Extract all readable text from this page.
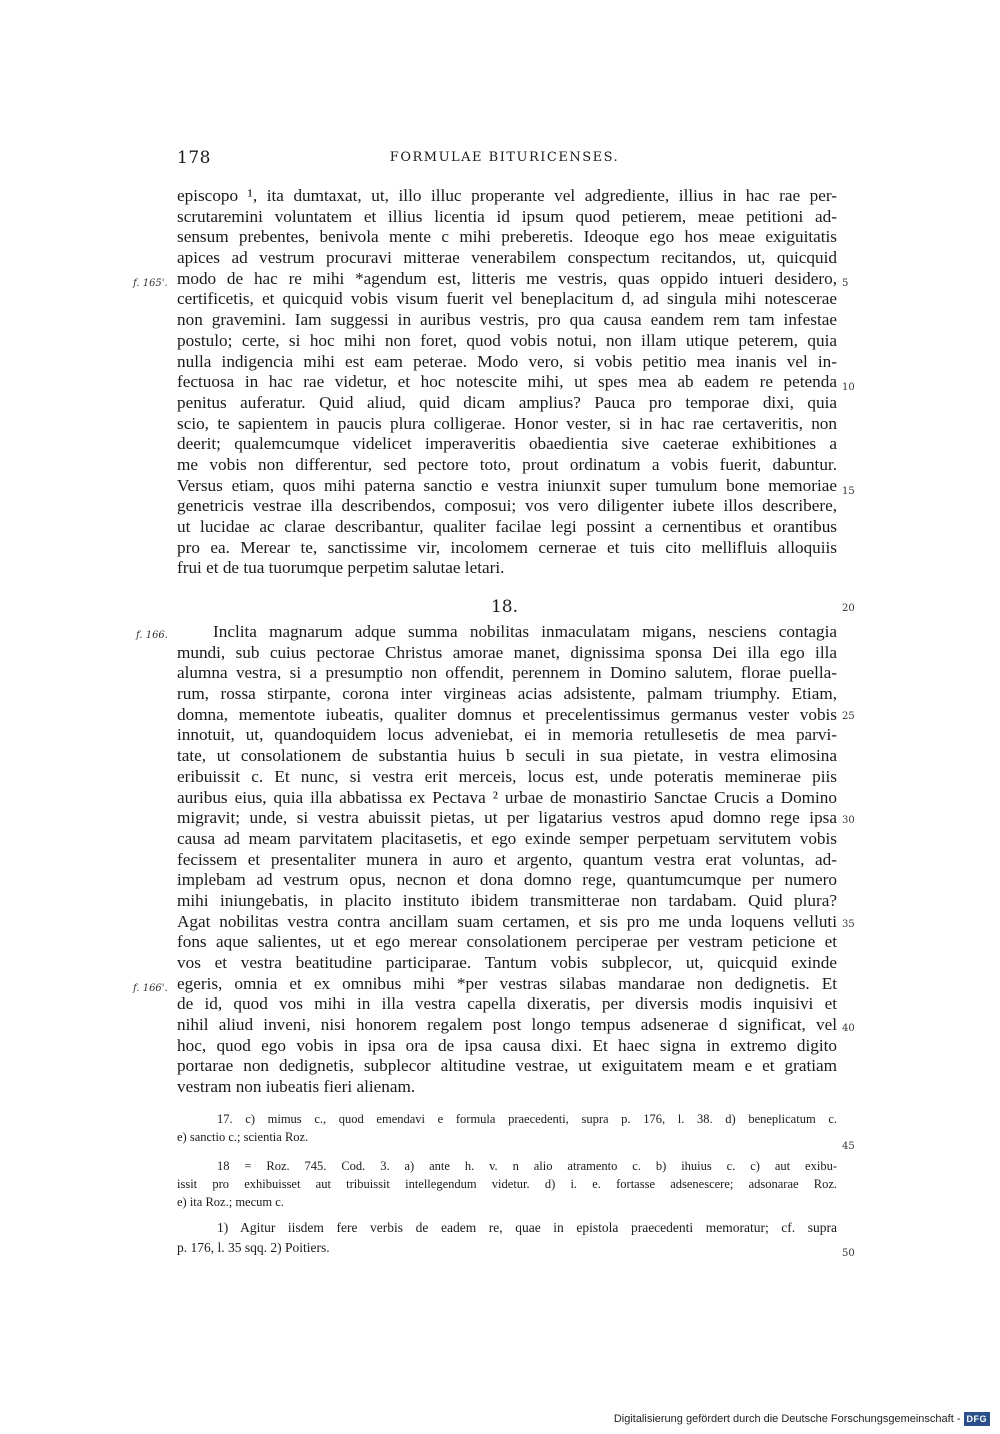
178	FORMULAE BITURICENSES.
episcopo ¹, ita dumtaxat, ut, illo illuc properante vel adgrediente, illius in hac rae per-
scrutaremini voluntatem et illius licentia id ipsum quod petierem, meae petitioni ad-
sensum prebentes, benivola mente c mihi preberetis. Ideoque ego hos meae exiguitatis
apices ad vestrum procuravi mitterae venerabilem conspectum recitandos, ut, quicquid
modo de hac re mihi *agendum est, litteris me vestris, quas oppido intueri desidero,
certificetis, et quicquid vobis visum fuerit vel beneplacitum d, ad singula mihi notescerae
non gravemini. Iam suggessi in auribus vestris, pro qua causa eandem rem tam infestae
postulo; certe, si hoc mihi non foret, quod vobis notui, non illam utique peterem, quia
nulla indigencia mihi est eam peterae. Modo vero, si vobis petitio mea inanis vel in-
fectuosa in hac rae videtur, et hoc notescite mihi, ut spes mea ab eadem re petenda
penitus auferatur. Quid aliud, quid dicam amplius? Pauca pro temporae dixi, quia
scio, te sapientem in paucis plura colligerae. Honor vester, si in hac rae certaveritis, non
deerit; qualemcumque videlicet imperaveritis obaedientia sive caeterae exhibitiones a
me vobis non differentur, sed pectore toto, prout ordinatum a vobis fuerit, dabuntur.
Versus etiam, quos mihi paterna sanctio e vestra iniunxit super tumulum bone memoriae
genetricis vestrae illa describendos, composui; vos vero diligenter iubete illos describere,
ut lucidae ac clarae describantur, qualiter facilae legi possint a cernentibus et orantibus
pro ea. Merear te, sanctissime vir, incolomem cernerae et tuis cito mellifluis alloquiis
frui et de tua tuorumque perpetim salutae letari.
18.
Inclita magnarum adque summa nobilitas inmaculatam migans, nesciens contagia
mundi, sub cuius pectorae Christus amorae manet, dignissima sponsa Dei illa ego illa
alumna vestra, si a presumptio non offendit, perennem in Domino salutem, florae puella-
rum, rossa stirpante, corona inter virgineas acias adsistente, palmam triumphy. Etiam,
domna, mementote iubeatis, qualiter domnus et precelentissimus germanus vester vobis
innotuit, ut, quandoquidem locus adveniebat, ei in memoria retullesetis de mea parvi-
tate, ut consolationem de substantia huius b seculi in sua pietate, in vestra elimosina
eribuissit c. Et nunc, si vestra erit merceis, locus est, unde poteratis meminerae piis
auribus eius, quia illa abbatissa ex Pectava ² urbae de monastirio Sanctae Crucis a Domino
migravit; unde, si vestra abuissit pietas, ut per ligatarius vestros apud domno rege ipsa
causa ad meam parvitatem placitasetis, et ego exinde semper perpetuam servitutem vobis
fecissem et presentaliter munera in auro et argento, quantum vestra erat voluntas, ad-
implebam ad vestrum opus, necnon et dona domno rege, quantumcumque per numero
mihi iniungebatis, in placito instituto ibidem transmitterae non tardabam. Quid plura?
Agat nobilitas vestra contra ancillam suam certamen, et sis pro me unda loquens velluti
fons aque salientes, ut et ego merear consolationem perciperae per vestram peticione et
vos et vestra beatitudine participarae. Tantum vobis subplecor, ut, quicquid exinde
egeris, omnia et ex omnibus mihi *per vestras silabas mandarae non dedignetis. Et
de id, quod vos mihi in illa vestra capella dixeratis, per diversis modis inquisivi et
nihil aliud inveni, nisi honorem regalem post longo tempus adsenerae d significat, vel
hoc, quod ego vobis in ipsa ora de ipsa causa dixi. Et haec signa in extremo digito
portarae non dedignetis, subplecor altitudine vestrae, ut exiguitatem meam e et gratiam
vestram non iubeatis fieri alienam.
f. 165'.
f. 166.
f. 166'.
5
10
15
20
25
30
35
40
45
50
17. c) mimus c., quod emendavi e formula praecedenti, supra p. 176, l. 38. d) beneplicatum c.
e) sanctio c.; scientia Roz.
18 = Roz. 745. Cod. 3. a) ante h. v. n alio atramento c. b) ihuius c. c) aut exibu-
issit pro exhibuisset aut tribuissit intellegendum videtur. d) i. e. fortasse adsenescere; adsonarae Roz.
e) ita Roz.; mecum c.
1) Agitur iisdem fere verbis de eadem re, quae in epistola praecedenti memoratur; cf. supra
p. 176, l. 35 sqq. 2) Poitiers.
Digitalisierung gefördert durch die Deutsche Forschungsgemeinschaft - DFG
